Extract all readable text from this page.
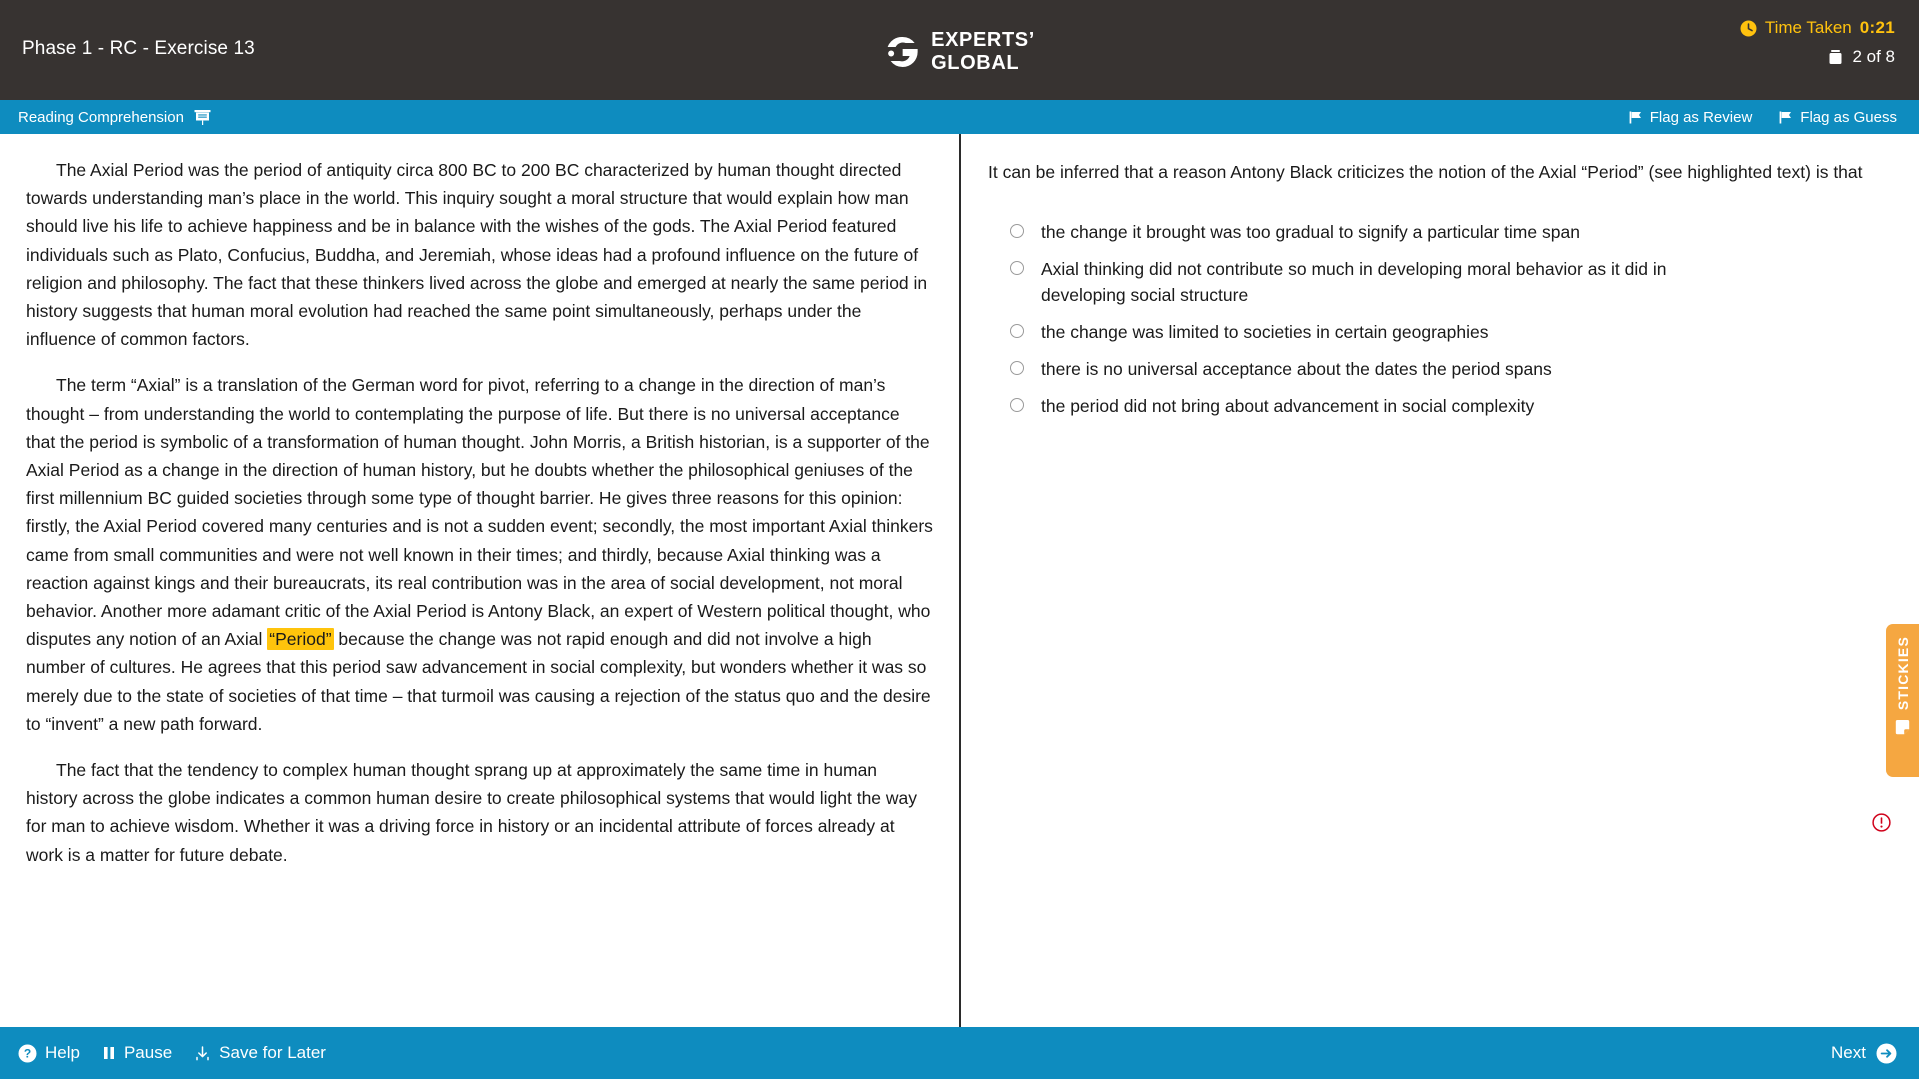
Phase 1 - RC - Exercise 13	EXPERTS’
GLOBAL
Time Taken 0:21
2 of 8
Reading Comprehension	Flag as Review	Flag as Guess

The Axial Period was the period of antiquity circa 800 BC to 200 BC characterized by human thought directed towards understanding man’s place in the world. This inquiry sought a moral structure that would explain how man should live his life to achieve happiness and be in balance with the wishes of the gods. The Axial Period featured individuals such as Plato, Confucius, Buddha, and Jeremiah, whose ideas had a profound influence on the future of religion and philosophy. The fact that these thinkers lived across the globe and emerged at nearly the same period in history suggests that human moral evolution had reached the same point simultaneously, perhaps under the influence of common factors.

The term “Axial” is a translation of the German word for pivot, referring to a change in the direction of man’s thought – from understanding the world to contemplating the purpose of life. But there is no universal acceptance that the period is symbolic of a transformation of human thought. John Morris, a British historian, is a supporter of the Axial Period as a change in the direction of human history, but he doubts whether the philosophical geniuses of the first millennium BC guided societies through some type of thought barrier. He gives three reasons for this opinion: firstly, the Axial Period covered many centuries and is not a sudden event; secondly, the most important Axial thinkers came from small communities and were not well known in their times; and thirdly, because Axial thinking was a reaction against kings and their bureaucrats, its real contribution was in the area of social development, not moral behavior. Another more adamant critic of the Axial Period is Antony Black, an expert of Western political thought, who disputes any notion of an Axial “Period” because the change was not rapid enough and did not involve a high number of cultures. He agrees that this period saw advancement in social complexity, but wonders whether it was so merely due to the state of societies of that time – that turmoil was causing a rejection of the status quo and the desire to “invent” a new path forward.

The fact that the tendency to complex human thought sprang up at approximately the same time in human history across the globe indicates a common human desire to create philosophical systems that would light the way for man to achieve wisdom. Whether it was a driving force in history or an incidental attribute of forces already at work is a matter for future debate.

It can be inferred that a reason Antony Black criticizes the notion of the Axial “Period” (see highlighted text) is that
the change it brought was too gradual to signify a particular time span
Axial thinking did not contribute so much in developing moral behavior as it did in developing social structure
the change was limited to societies in certain geographies
there is no universal acceptance about the dates the period spans
the period did not bring about advancement in social complexity
STICKIES
? Help	Pause	Save for Later	Next
